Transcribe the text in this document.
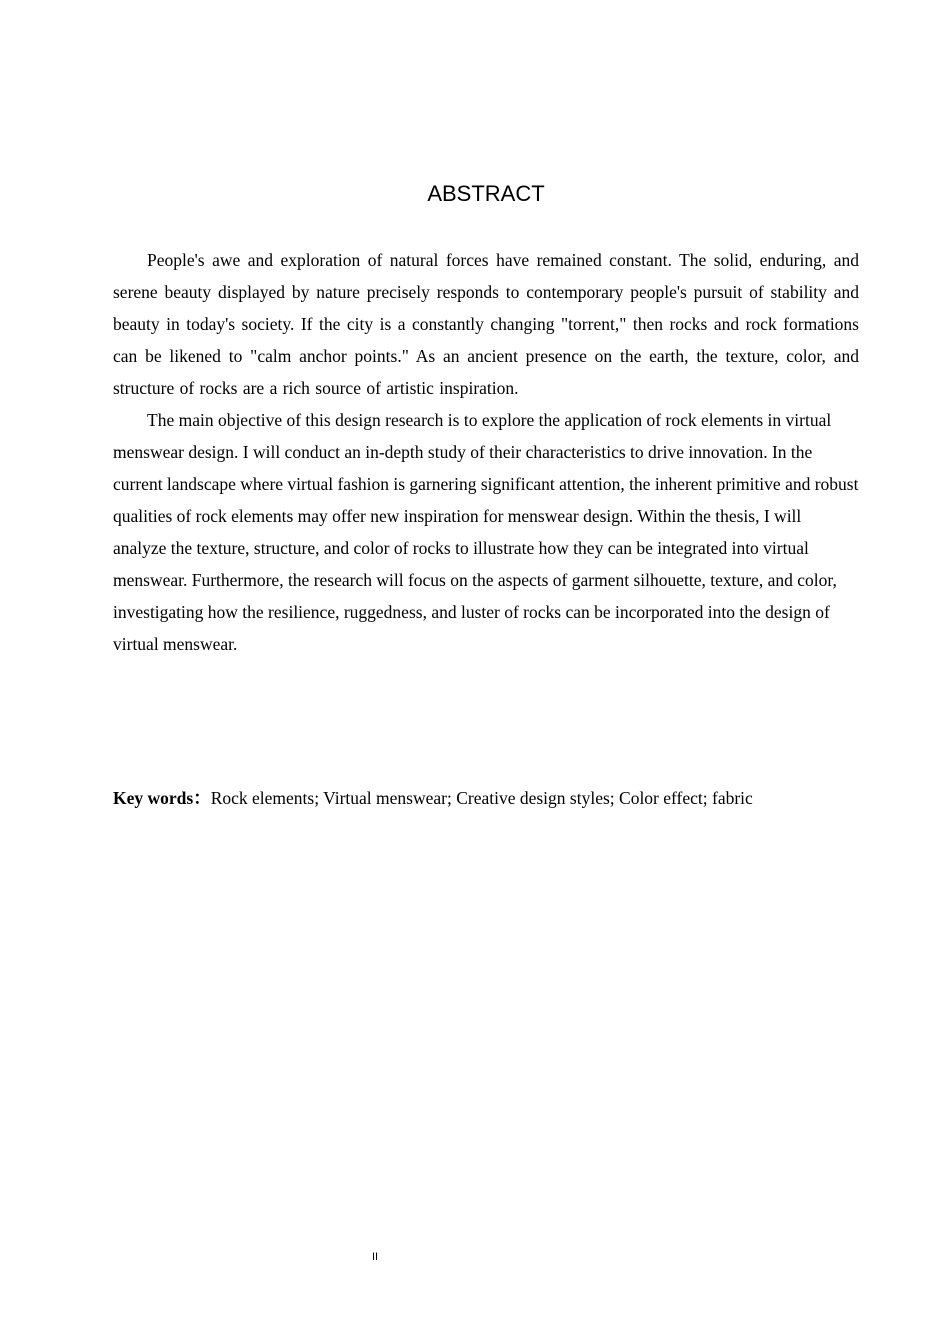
ABSTRACT

People's awe and exploration of natural forces have remained constant. The solid, enduring, and serene beauty displayed by nature precisely responds to contemporary people's pursuit of stability and beauty in today's society. If the city is a constantly changing "torrent," then rocks and rock formations can be likened to "calm anchor points." As an ancient presence on the earth, the texture, color, and structure of rocks are a rich source of artistic inspiration.

The main objective of this design research is to explore the application of rock elements in virtual menswear design. I will conduct an in-depth study of their characteristics to drive innovation. In the current landscape where virtual fashion is garnering significant attention, the inherent primitive and robust qualities of rock elements may offer new inspiration for menswear design. Within the thesis, I will analyze the texture, structure, and color of rocks to illustrate how they can be integrated into virtual menswear. Furthermore, the research will focus on the aspects of garment silhouette, texture, and color, investigating how the resilience, ruggedness, and luster of rocks can be incorporated into the design of virtual menswear.

Key words：Rock elements; Virtual menswear; Creative design styles; Color effect; fabric

II
